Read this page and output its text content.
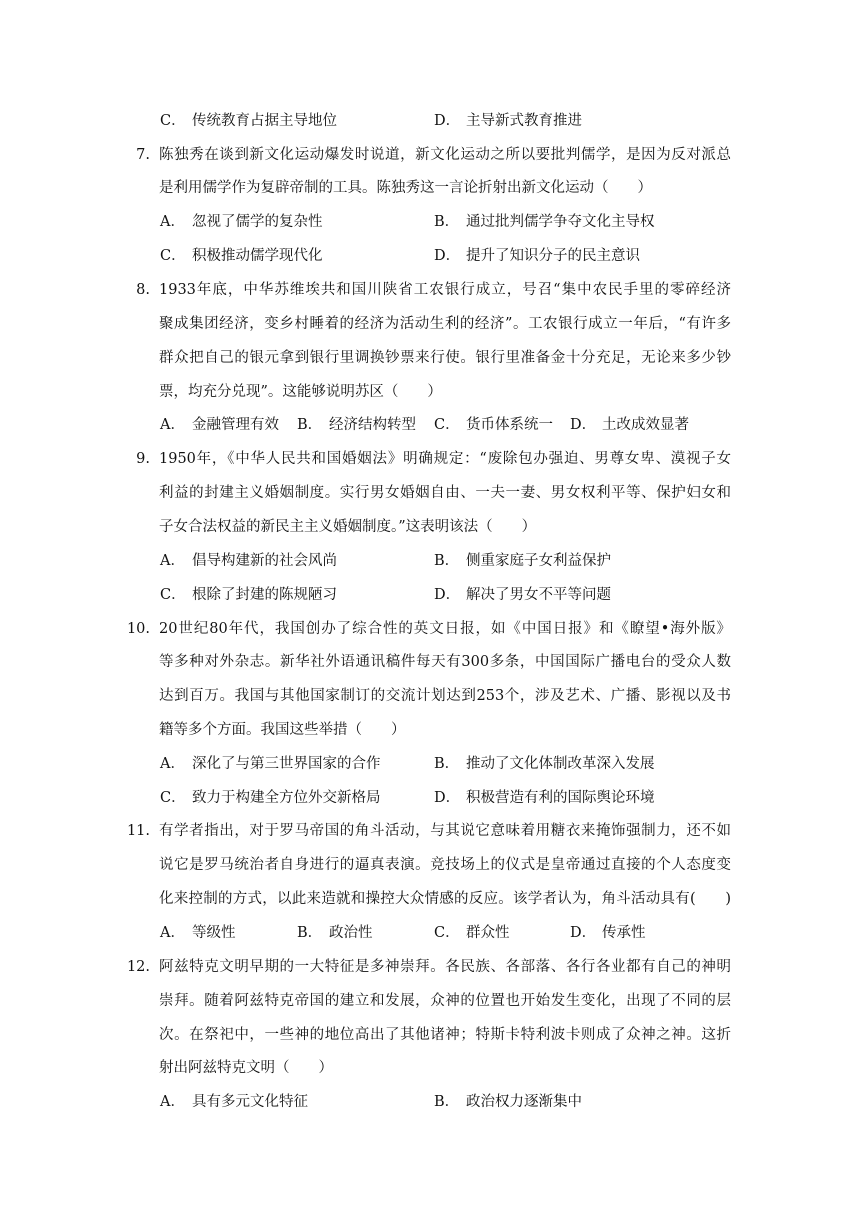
C． 传统教育占据主导地位	D． 主导新式教育推进
7. 陈独秀在谈到新文化运动爆发时说道，新文化运动之所以要批判儒学，是因为反对派总
是利用儒学作为复辟帝制的工具。陈独秀这一言论折射出新文化运动（　　）
A． 忽视了儒学的复杂性	B． 通过批判儒学争夺文化主导权
C． 积极推动儒学现代化	D． 提升了知识分子的民主意识
8. 1933年底，中华苏维埃共和国川陕省工农银行成立，号召“集中农民手里的零碎经济
聚成集团经济，变乡村睡着的经济为活动生利的经济”。工农银行成立一年后，“有许多
群众把自己的银元拿到银行里调换钞票来行使。银行里准备金十分充足，无论来多少钞
票，均充分兑现”。这能够说明苏区（　　）
A． 金融管理有效 B． 经济结构转型 C． 货币体系统一 D． 土改成效显著
9. 1950年，《中华人民共和国婚姻法》明确规定：“废除包办强迫、男尊女卑、漠视子女
利益的封建主义婚姻制度。实行男女婚姻自由、一夫一妻、男女权利平等、保护妇女和
子女合法权益的新民主主义婚姻制度。”这表明该法（　　）
A． 倡导构建新的社会风尚	B． 侧重家庭子女利益保护
C． 根除了封建的陈规陋习	D． 解决了男女不平等问题
10. 20世纪80年代，我国创办了综合性的英文日报，如《中国日报》和《瞭望•海外版》
等多种对外杂志。新华社外语通讯稿件每天有300多条，中国国际广播电台的受众人数
达到百万。我国与其他国家制订的交流计划达到253个，涉及艺术、广播、影视以及书
籍等多个方面。我国这些举措（　　）
A． 深化了与第三世界国家的合作	B． 推动了文化体制改革深入发展
C． 致力于构建全方位外交新格局	D． 积极营造有利的国际舆论环境
11. 有学者指出，对于罗马帝国的角斗活动，与其说它意味着用糖衣来掩饰强制力，还不如
说它是罗马统治者自身进行的逼真表演。竞技场上的仪式是皇帝通过直接的个人态度变
化来控制的方式，以此来造就和操控大众情感的反应。该学者认为，角斗活动具有(　　)
A． 等级性	B． 政治性	C． 群众性	D． 传承性
12. 阿兹特克文明早期的一大特征是多神崇拜。各民族、各部落、各行各业都有自己的神明
崇拜。随着阿兹特克帝国的建立和发展，众神的位置也开始发生变化，出现了不同的层
次。在祭祀中，一些神的地位高出了其他诸神；特斯卡特利波卡则成了众神之神。这折
射出阿兹特克文明（　　）
A． 具有多元文化特征	B． 政治权力逐渐集中
